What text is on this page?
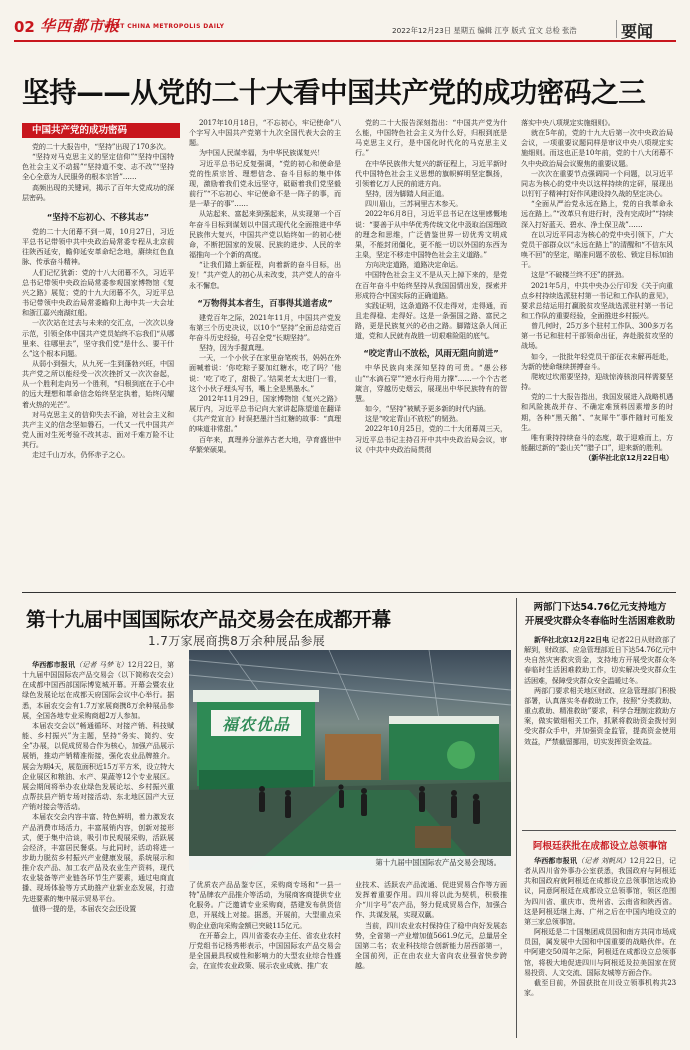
02 华西都市报
WEST CHINA METROPOLIS DAILY	2022年12月23日 星期五 编辑 江亨 版式 宜文 总检 张浩	要闻
坚持——从党的二十大看中国共产党的成功密码之三
中国共产党的成功密码

党的二十大报告中，“坚持”出现了170多次。

“坚持对马克思主义的坚定信仰”“坚持中国特色社会主义不动摇”“坚持道不变、志不改”“坚持全心全意为人民服务的根本宗旨”……

高频出现的关键词，揭示了百年大党成功的深层密码。

“坚持不忘初心、不移其志”

党的二十大闭幕不到一周，10月27日，习近平总书记带领中共中央政治局常委专程从北京前往陕西延安，瞻仰延安革命纪念地，赓续红色血脉、传承奋斗精神。

人们记忆犹新：党的十八大闭幕不久，习近平总书记带领中央政治局常委参观国家博物馆《复兴之路》展览；党的十九大闭幕不久，习近平总书记带领中央政治局常委瞻仰上海中共一大会址和浙江嘉兴南湖红船。

一次次站在过去与未来的交汇点，一次次以身示范，引领全体中国共产党员始终不忘我们“从哪里来、往哪里去”，坚守我们党“是什么、要干什么”这个根本问题。

从弱小到强大，从九死一生到蓬勃兴旺，中国共产党之所以能经受一次次挫折又一次次奋起，从一个胜利走向另一个胜利，“归根到底在于心中的远大理想和革命信念始终坚定执着，始终闪耀着火热的光芒”。

对马克思主义的信仰失去不渝，对社会主义和共产主义的信念坚如磐石，一代又一代中国共产党人面对生死考验不改其志、面对千难万险不让其行。

走过千山万水，仍怀赤子之心。

2017年10月18日，“不忘初心，牢记使命”八个字写入中国共产党第十九次全国代表大会的主题。

为中国人民谋幸福，为中华民族谋复兴！

习近平总书记反复强调，“党的初心和使命是党的性质宗旨、理想信念、奋斗目标的集中体现，激励着我们党永远坚守，砥砺着我们党坚毅前行”“不忘初心、牢记使命不是一阵子的事，而是一辈子的事”……

从站起来、富起来到强起来，从实现第一个百年奋斗目标到谋划以中国式现代化全面推进中华民族伟大复兴，中国共产党以始终如一的初心使命，不断把国家的发展、民族的进步、人民的幸福推向一个个新的高度。

“让我们踏上新征程，向着新的奋斗目标，出发！”共产党人的初心从未改变，共产党人的奋斗永不懈怠。

“万物得其本者生，百事得其道者成”

建党百年之际，2021年11月，中国共产党发布第三个历史决议，以10个“坚持”全面总结党百年奋斗历史经验，号召全党“长期坚持”。

坚持，因为手握真理。

一天，一个小伙子在家里奋笔疾书，妈妈在外面喊着说：‘你吃粽子要加红糖水，吃了吗？’他说：‘吃了吃了，甜极了。’结果老太太进门一看，这个小伙子埋头写书，嘴上全是黑墨水。”

2012年11月29日，国家博物馆《复兴之路》展厅内，习近平总书记向大家讲起陈望道在翻译《共产党宣言》时误把墨汁当红糖的故事：“真理的味道非常甜。”

百年来，真理养分滋养古老大地，孕育盛世中华繁荣硕果。

党的二十大报告深刻指出：“中国共产党为什么能，中国特色社会主义为什么好，归根到底是马克思主义行，是中国化时代化的马克思主义行。”

在中华民族伟大复兴的新征程上，习近平新时代中国特色社会主义思想的旗帜鲜明坚定飘扬，引领着亿万人民的前进方向。

坚持，因为脚踏人间正道。

四川眉山，三苏祠里古木参天。

2022年6月8日，习近平总书记在这里感慨地说：“要善于从中华优秀传统文化中汲取治国理政的理念和思维，广泛借鉴世界一切优秀文明成果，不能封闭僵化，更不能一切以外国的东西为主臬，坚定不移走中国特色社会主义道路。”

方向决定道路，道路决定命运。

中国特色社会主义不是从天上掉下来的，是党在百年奋斗中始终坚持从我国国情出发，探索并形成符合中国实际的正确道路。

实践证明，这条道路不仅走得对，走得通，而且走得稳、走得好。这是一条强国之路、富民之路，更是民族复兴的必由之路。脚踏这条人间正道，党和人民就有战胜一切艰难险阻的底气。

“咬定青山不放松，风雨无阻向前进”

中华民族向来深知坚持的可贵。“愚公移山”“水滴石穿”“逆水行舟用力撑”……一个个古老箴言，穿越历史烟云，展现出中华民族特有的智慧。

如今，“坚持”被赋予更多新的时代内涵。

这是“咬定青山不放松”的韧劲。

2022年10月25日，党的二十大闭幕周三天，习近平总书记主持召开中共中央政治局会议，审议《中共中央政治局贯彻

落实中央八项规定实施细则》。

就在5年前，党的十九大后第一次中央政治局会议，一项重要议题同样是审议中央八项规定实施细则。而这也正是10年前，党的十八大闭幕不久中央政治局会议聚焦的重要议题。

一次次在重要节点强调同一个问题，以习近平同志为核心的党中央以这样持续的定砰，展现出以钉钉子精神打好作风建设持久战的坚定决心。

“全面从严治党永远在路上，党的自我革命永远在路上。”“改革只有进行时，没有完成时”“持续深入打好蓝天、碧水、净土保卫战”……

在以习近平同志为核心的党中央引领下，广大党员干部群众以“永远在路上”的清醒和“不信东风唤不回”的坚定，瞄准问题不放松、锁定目标加油干。

这是“不破楼兰终不还”的拼劲。

2021年5月，中共中央办公厅印发《关于向重点乡村持续选派驻村第一书记和工作队的意见》，要求总结运用打赢脱贫攻坚战选派驻村第一书记和工作队的重要经验，全面推进乡村振兴。

曾几何时，25万多个驻村工作队、300多万名第一书记和驻村干部领命出征，奔赴脱贫攻坚的战场。

如今，一批批年轻党员干部征衣未解再赶赴，为新的使命继续拼搏奋斗。

爬坡过坎需要坚持，迎战惊涛骇浪同样需要坚持。

党的二十大报告指出，我国发展进入战略机遇和风险挑战并存、不确定难预料因素增多的时期，各种“黑天鹅”、“灰犀牛”事件随时可能发生。

唯有秉持持续奋斗的态度，敢于迎难而上，方能翻过新的“娄山关”“腊子口”，迎来新的胜利。

（新华社北京12月22日电）

第十九届中国国际农产品交易会在成都开幕
1.7万家展商携8万余种展品参展

华西都市报讯（记者 马梦飞）12月22日，第十九届中国国际农产品交易会（以下简称农交会）在成都中国西部国际博览城开幕。开幕会暨农业绿色发展论坛在成都天府国际会议中心举行。据悉，本届农交会有1.7万家展商携8万余种展品参展，全国各地专业采购商超2万人参加。

本届农交会以“畅通循环、对接产销、科技赋能、乡村振兴”为主题，坚持“务实、简约、安全”办展，以促成贸易合作为核心，加强产品展示展销，推动产销精准衔接，强化农业品牌推介。展会为期4天，展览面积近15万平方米，设立特大企业展区和粮油、水产、果蔬等12个专业展区。展会期间将举办农业绿色发展论坛、乡村振兴重点帮扶县产销专场对接活动、东北地区国产大豆产销对接会等活动。

本届农交会内容丰富、特色鲜明，着力激发农产品消费市场活力，丰富展销内容，创新对接形式，便于集中洽谈，吸引市民观展采购，活跃展会经济，丰富居民餐桌。与此同时，活动将进一步助力脱贫乡村振兴产业健康发展，系统展示和推介农产品、加工农产品及农业生产资料，现代农业装备等产业链各环节生产要素，通过电商直播、现场体验等方式助推产业新业态发展，打造先进要素的集中展示贸易平台。

值得一提的是，本届农交会还设置

福农优品
第十九届中国国际农产品交易会现场。

了优质农产品品鉴专区，采购商专场和“一县一特”品牌农产品推介等活动，为展商客商提供专业化服务。广泛邀请专业采购商，搭建发布供货信息，开展线上对接。据悉，开展前，大型重点采购企业意向采购金额已突破115亿元。

在开幕会上，四川省委农办主任、省农业农村厅党组书记杨秀彬表示，中国国际农产品交易会是全国最具权威性和影响力的大型农业综合性盛会，在宣传农业政策、展示农业成就、推广农

业技术、活跃农产品流通、促进贸易合作等方面发挥着重要作用。四川将以此为契机，积极推介“川字号”农产品，努力促成贸易合作，加强合作、共谋发展，实现双赢。

当前，四川农业农村保持住了稳中向好发展态势，全省第一产业增加值5661.9亿元，总量居全国第二名；农业科技综合创新能力居西部第一，全国前列，正在由农业大省向农业强省快步跨越。

两部门下达54.76亿元支持地方
开展受灾群众冬春临时生活困难救助

新华社北京12月22日电 记者22日从财政部了解到，财政部、应急管理部近日下达54.76亿元中央自然灾害救灾资金，支持地方开展受灾群众冬春临时生活困难救助工作，切实解决受灾群众生活困难，保障受灾群众安全温暖过冬。

两部门要求相关地区财政、应急管理部门积极部署，认真落实冬春救助工作，按照“分类救助、重点救助、精准救助”要求，科学合理制定救助方案，做实做细相关工作，抓紧将救助资金拨付到受灾群众手中，并加强资金监管，提高资金使用效益，严禁截留挪用，切实发挥资金效益。

阿根廷获批在成都设立总领事馆

华西都市报讯（记者 刘帆凤）12月22日，记者从四川省外事办公室获悉，我国政府与阿根廷共和国政府就阿根廷在成都设立总领事馆达成协议，同意阿根廷在成都设立总领事馆，领区范围为四川省、重庆市、贵州省、云南省和陕西省。这是阿根廷继上海、广州之后在中国内地设立的第三家总领事馆。

阿根廷是二十国集团成员国和南方共同市场成员国，属发展中大国和中国重要的战略伙伴。在中阿建交50周年之际，阿根廷在成都设立总领事馆，将极大地促进四川与阿根廷及拉美国家在贸易投资、人文交流、国际友城等方面合作。

截至目前，外国获批在川设立领事机构共23家。
